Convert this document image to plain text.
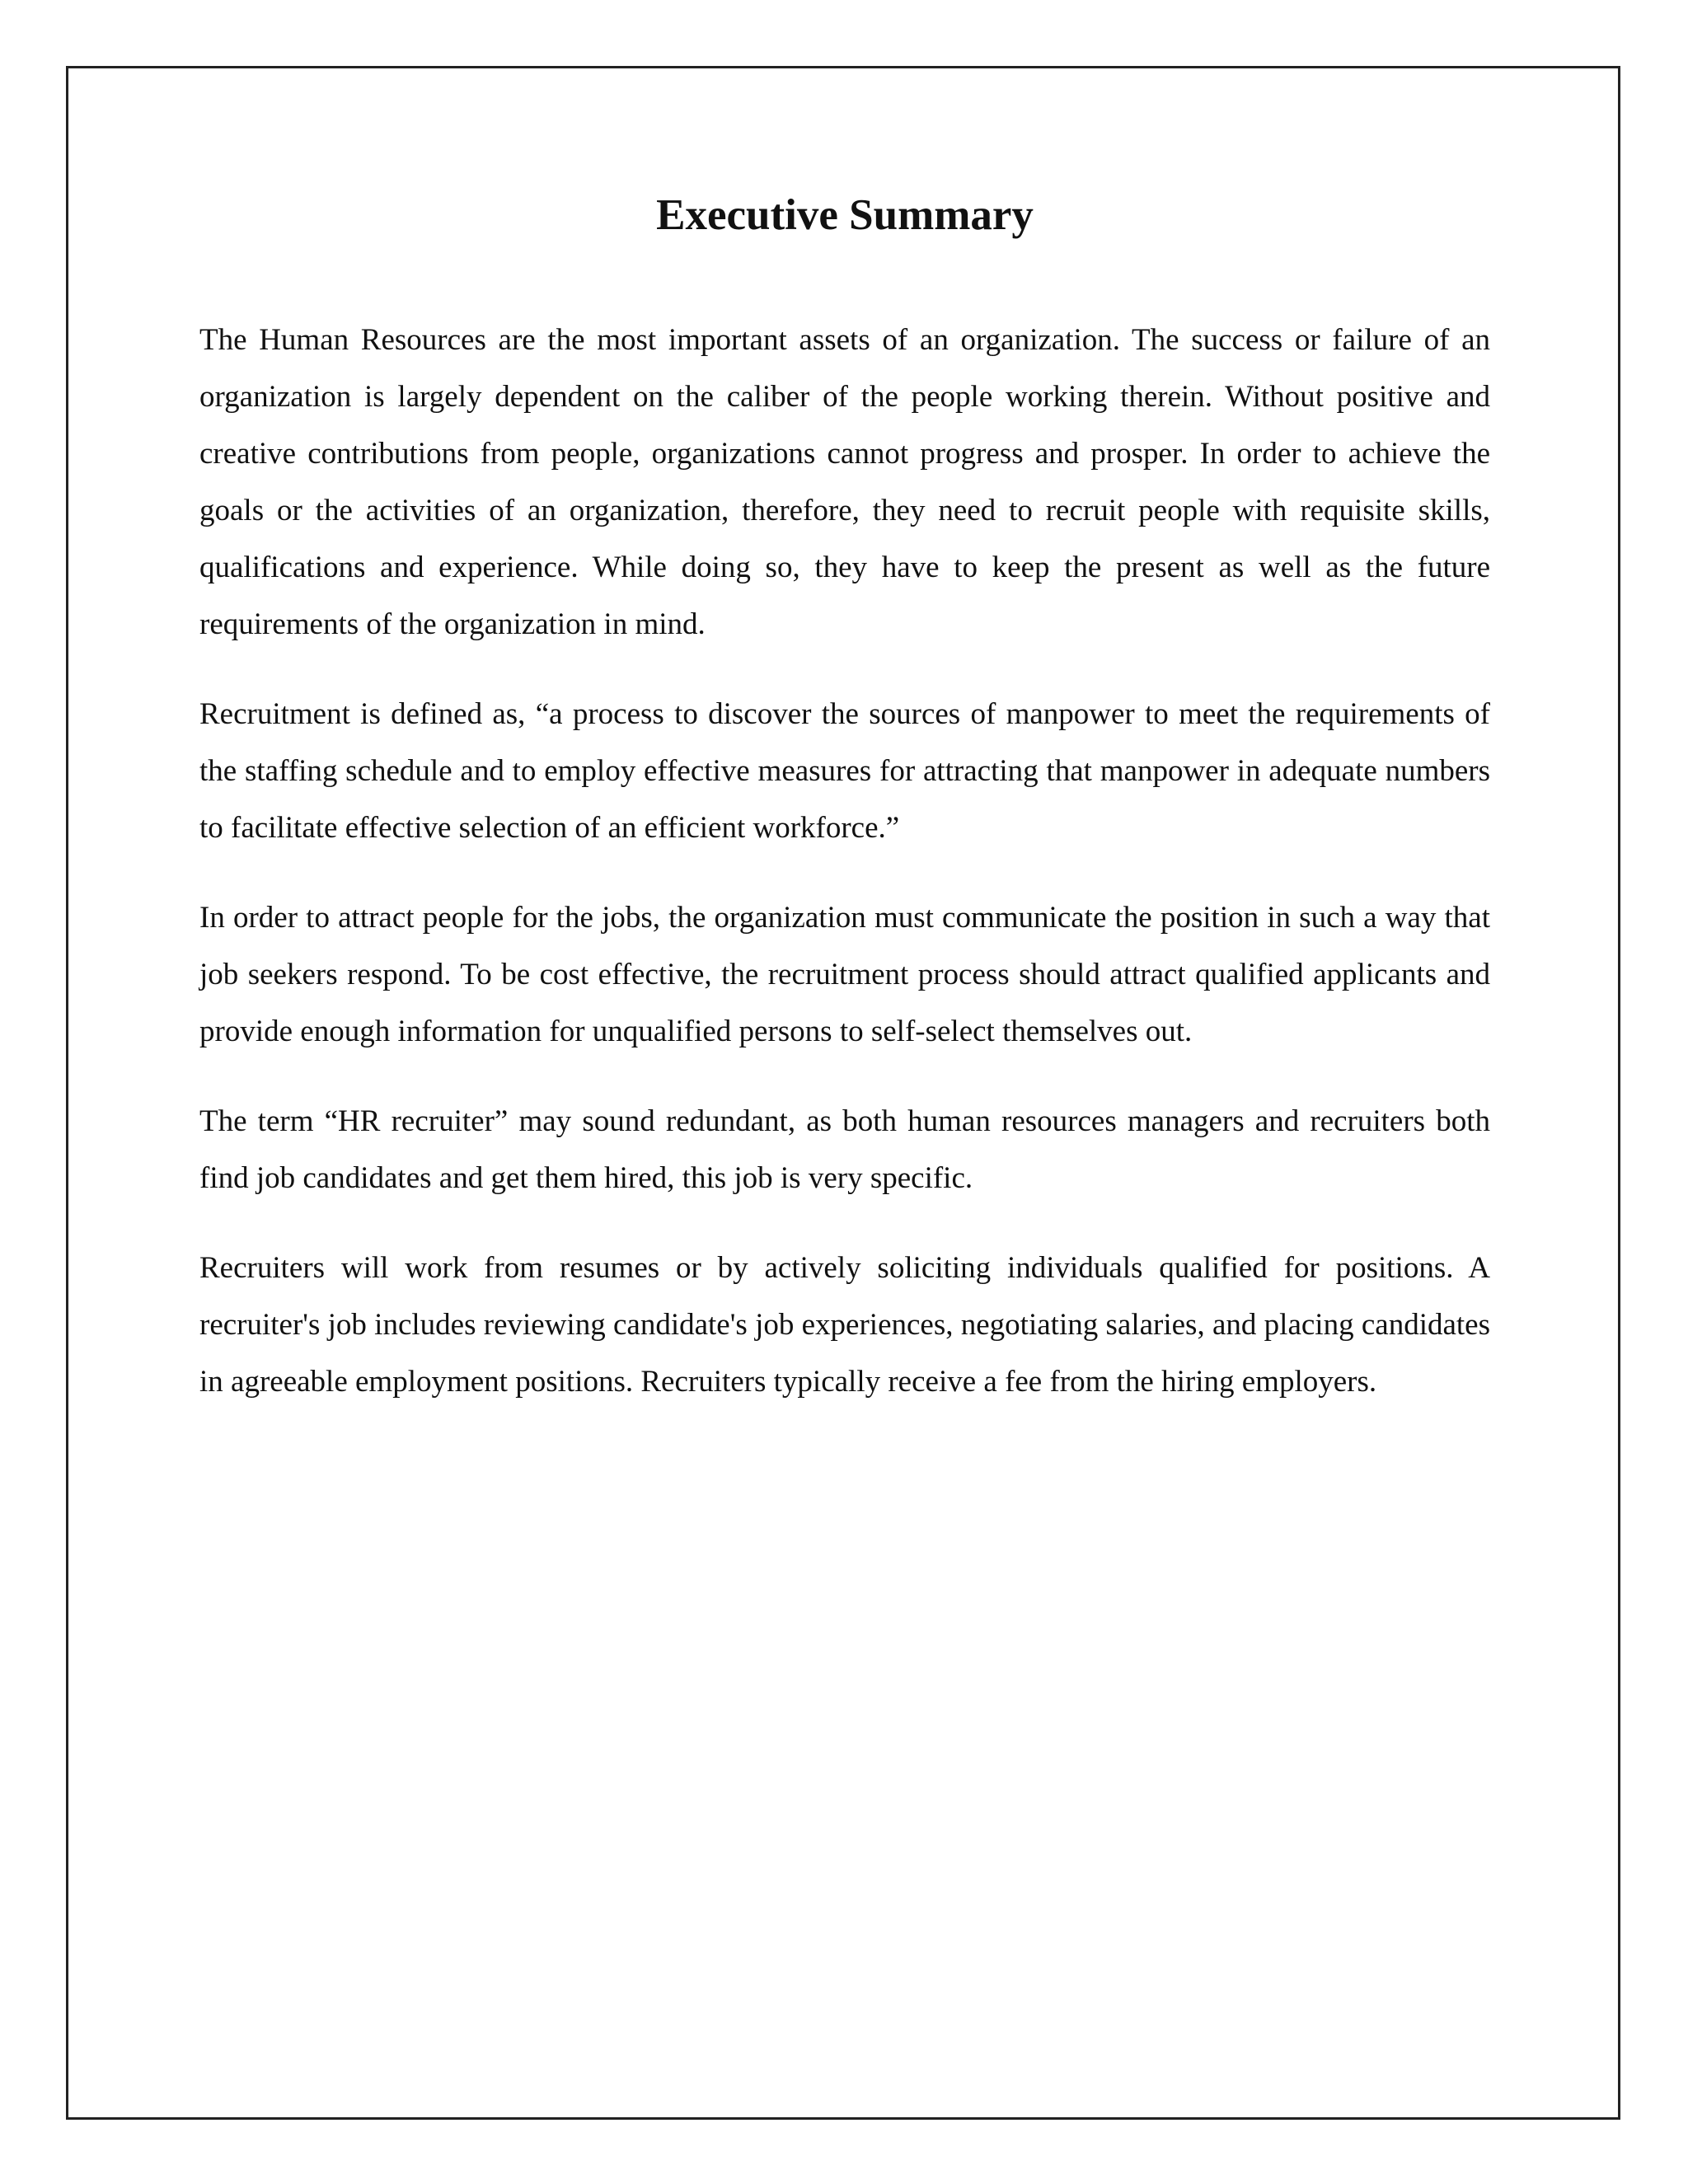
Executive Summary

The Human Resources are the most important assets of an organization. The success or failure of an organization is largely dependent on the caliber of the people working therein. Without positive and creative contributions from people, organizations cannot progress and prosper. In order to achieve the goals or the activities of an organization, therefore, they need to recruit people with requisite skills, qualifications and experience. While doing so, they have to keep the present as well as the future requirements of the organization in mind.

Recruitment is defined as, “a process to discover the sources of manpower to meet the requirements of the staffing schedule and to employ effective measures for attracting that manpower in adequate numbers to facilitate effective selection of an efficient workforce.”

In order to attract people for the jobs, the organization must communicate the position in such a way that job seekers respond. To be cost effective, the recruitment process should attract qualified applicants and provide enough information for unqualified persons to self-select themselves out.

The term “HR recruiter” may sound redundant, as both human resources managers and recruiters both find job candidates and get them hired, this job is very specific.

Recruiters will work from resumes or by actively soliciting individuals qualified for positions. A recruiter's job includes reviewing candidate's job experiences, negotiating salaries, and placing candidates in agreeable employment positions. Recruiters typically receive a fee from the hiring employers.
